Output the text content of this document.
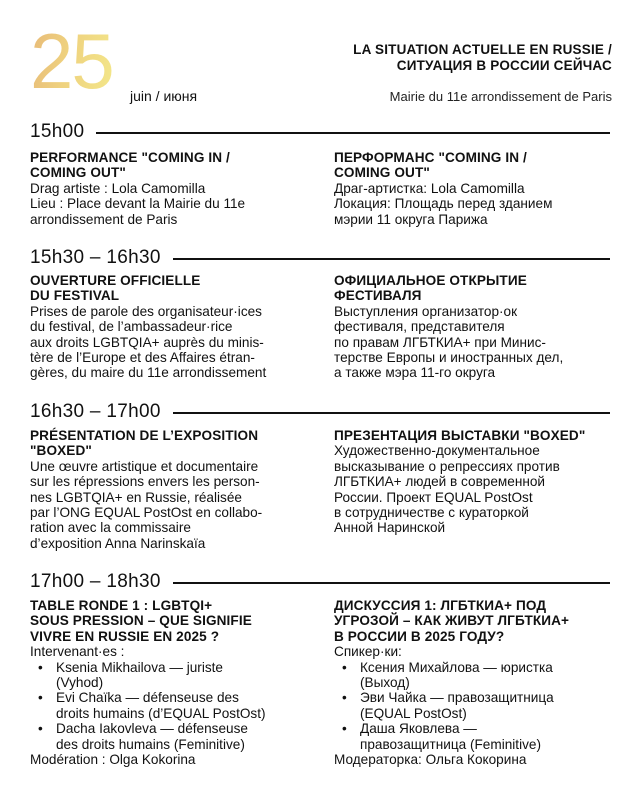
25 juin / июня
LA SITUATION ACTUELLE EN RUSSIE /
СИТУАЦИЯ В РОССИИ СЕЙЧАС
Mairie du 11e arrondissement de Paris
15h00
PERFORMANCE "COMING IN /
COMING OUT"
Drag artiste : Lola Camomilla
Lieu : Place devant la Mairie du 11e
arrondissement de Paris
ПЕРФОРМАНС "COMING IN /
COMING OUT"
Драг-артистка: Lola Camomilla
Локация: Площадь перед зданием
мэрии 11 округа Парижа
15h30 – 16h30
OUVERTURE OFFICIELLE
DU FESTIVAL
Prises de parole des organisateur·ices
du festival, de l’ambassadeur·rice
aux droits LGBTQIA+ auprès du minis-
tère de l’Europe et des Affaires étran-
gères, du maire du 11e arrondissement
ОФИЦИАЛЬНОЕ ОТКРЫТИЕ
ФЕСТИВАЛЯ
Выступления организатор·ок
фестиваля, представителя
по правам ЛГБТКИА+ при Минис-
терстве Европы и иностранных дел,
а также мэра 11-го округа
16h30 – 17h00
PRÉSENTATION DE L’EXPOSITION
"BOXED"
Une œuvre artistique et documentaire
sur les répressions envers les person-
nes LGBTQIA+ en Russie, réalisée
par l’ONG EQUAL PostOst en collabo-
ration avec la commissaire
d’exposition Anna Narinskaïa
ПРЕЗЕНТАЦИЯ ВЫСТАВКИ "BOXED"
Художественно-документальное
высказывание о репрессиях против
ЛГБТКИА+ людей в современной
России. Проект EQUAL PostOst
в сотрудничестве с кураторкой
Анной Наринской
17h00 – 18h30
TABLE RONDE 1 : LGBTQI+
SOUS PRESSION – QUE SIGNIFIE
VIVRE EN RUSSIE EN 2025 ?
Intervenant·es :
• Ksenia Mikhailova — juriste
(Vyhod)
• Evi Chaïka — défenseuse des
droits humains (d’EQUAL PostOst)
• Dacha Iakovleva — défenseuse
des droits humains (Feminitive)
Modération : Olga Kokorina
ДИСКУССИЯ 1: ЛГБТКИА+ ПОД
УГРОЗОЙ – КАК ЖИВУТ ЛГБТКИА+
В РОССИИ В 2025 ГОДУ?
Спикер·ки:
• Ксения Михайлова — юристка
(Выход)
• Эви Чайка — правозащитница
(EQUAL PostOst)
• Даша Яковлева —
правозащитница (Feminitive)
Модераторка: Ольга Кокорина
